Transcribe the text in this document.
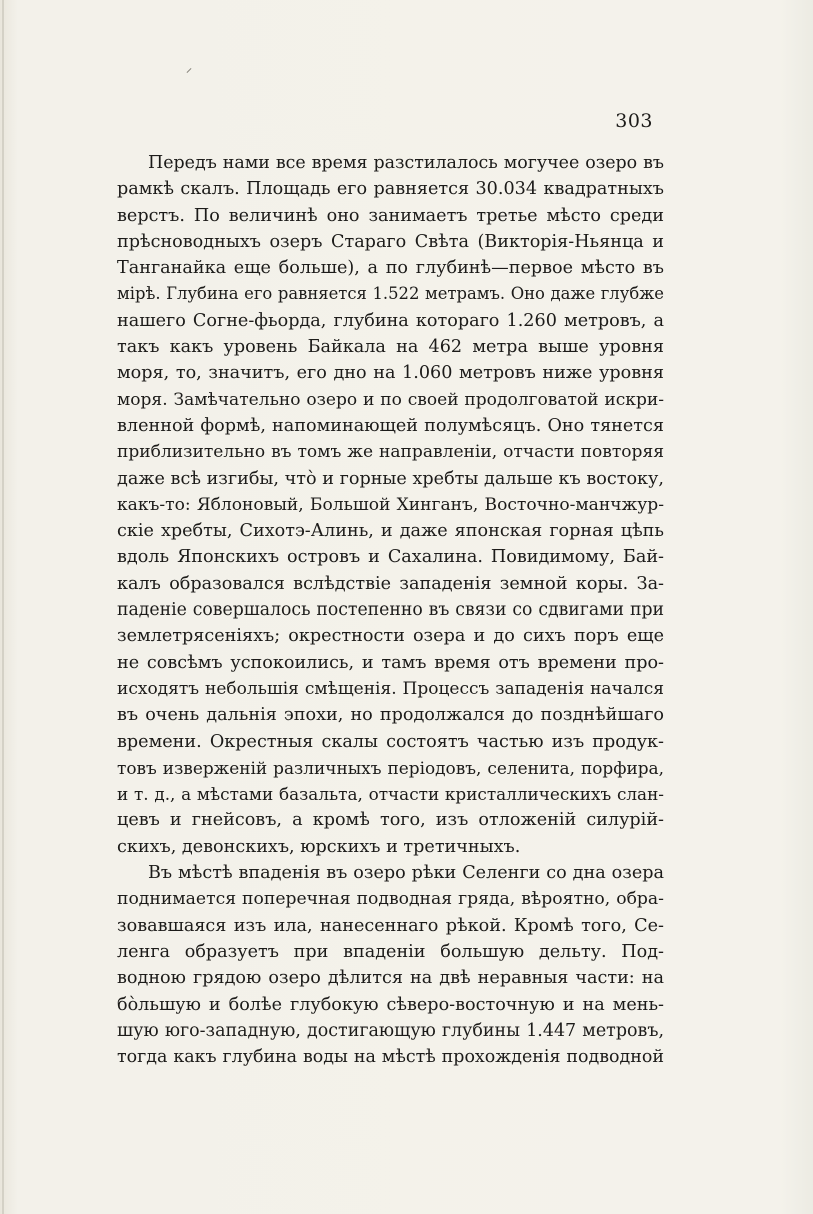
303
Передъ нами все время разстилалось могучее озеро въ
рамкѣ скалъ. Площадь его равняется 30.034 квадратныхъ
верстъ. По величинѣ оно занимаетъ третье мѣсто среди
прѣсноводныхъ озеръ Стараго Свѣта (Викторія-Ньянца и
Танганайка еще больше), а по глубинѣ—первое мѣсто въ
мірѣ. Глубина его равняется 1.522 метрамъ. Оно даже глубже
нашего Согне-фьорда, глубина котораго 1.260 метровъ, а
такъ какъ уровень Байкала на 462 метра выше уровня
моря, то, значитъ, его дно на 1.060 метровъ ниже уровня
моря. Замѣчательно озеро и по своей продолговатой искри-
вленной формѣ, напоминающей полумѣсяцъ. Оно тянется
приблизительно въ томъ же направленіи, отчасти повторяя
даже всѣ изгибы, что̀ и горные хребты дальше къ востоку,
какъ-то: Яблоновый, Большой Хинганъ, Восточно-манчжур-
скіе хребты, Сихотэ-Алинь, и даже японская горная цѣпь
вдоль Японскихъ островъ и Сахалина. Повидимому, Бай-
калъ образовался вслѣдствіе западенія земной коры. За-
паденіе совершалось постепенно въ связи со сдвигами при
землетрясеніяхъ; окрестности озера и до сихъ поръ еще
не совсѣмъ успокоились, и тамъ время отъ времени про-
исходятъ небольшія смѣщенія. Процессъ западенія начался
въ очень дальнія эпохи, но продолжался до позднѣйшаго
времени. Окрестныя скалы состоятъ частью изъ продук-
товъ изверженій различныхъ періодовъ, селенита, порфира,
и т. д., а мѣстами базальта, отчасти кристаллическихъ слан-
цевъ и гнейсовъ, а кромѣ того, изъ отложеній силурій-
скихъ, девонскихъ, юрскихъ и третичныхъ.
Въ мѣстѣ впаденія въ озеро рѣки Селенги со дна озера
поднимается поперечная подводная гряда, вѣроятно, обра-
зовавшаяся изъ ила, нанесеннаго рѣкой. Кромѣ того, Се-
ленга образуетъ при впаденіи большую дельту. Под-
водною грядою озеро дѣлится на двѣ неравныя части: на
бо̀льшую и болѣе глубокую сѣверо-восточную и на мень-
шую юго-западную, достигающую глубины 1.447 метровъ,
тогда какъ глубина воды на мѣстѣ прохожденія подводной
